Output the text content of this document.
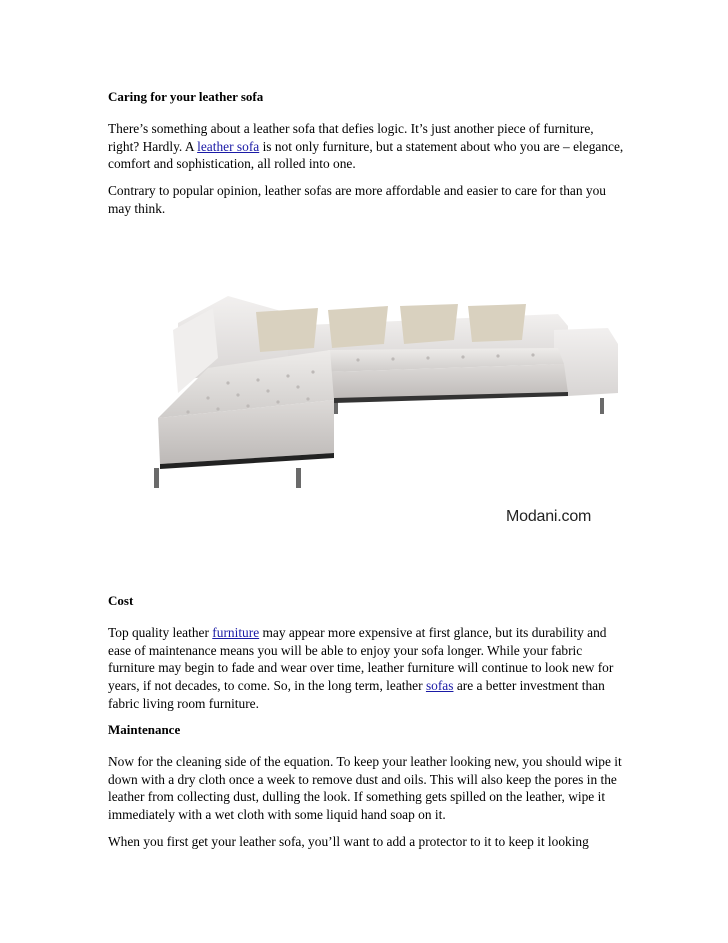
Caring for your leather sofa

There’s something about a leather sofa that defies logic. It’s just another piece of furniture, right? Hardly. A leather sofa is not only furniture, but a statement about who you are – elegance, comfort and sophistication, all rolled into one.

Contrary to popular opinion, leather sofas are more affordable and easier to care for than you may think.

Modani.com

Cost

Top quality leather furniture may appear more expensive at first glance, but its durability and ease of maintenance means you will be able to enjoy your sofa longer. While your fabric furniture may begin to fade and wear over time, leather furniture will continue to look new for years, if not decades, to come. So, in the long term, leather sofas are a better investment than fabric living room furniture.

Maintenance

Now for the cleaning side of the equation. To keep your leather looking new, you should wipe it down with a dry cloth once a week to remove dust and oils. This will also keep the pores in the leather from collecting dust, dulling the look. If something gets spilled on the leather, wipe it immediately with a wet cloth with some liquid hand soap on it.

When you first get your leather sofa, you’ll want to add a protector to it to keep it looking
